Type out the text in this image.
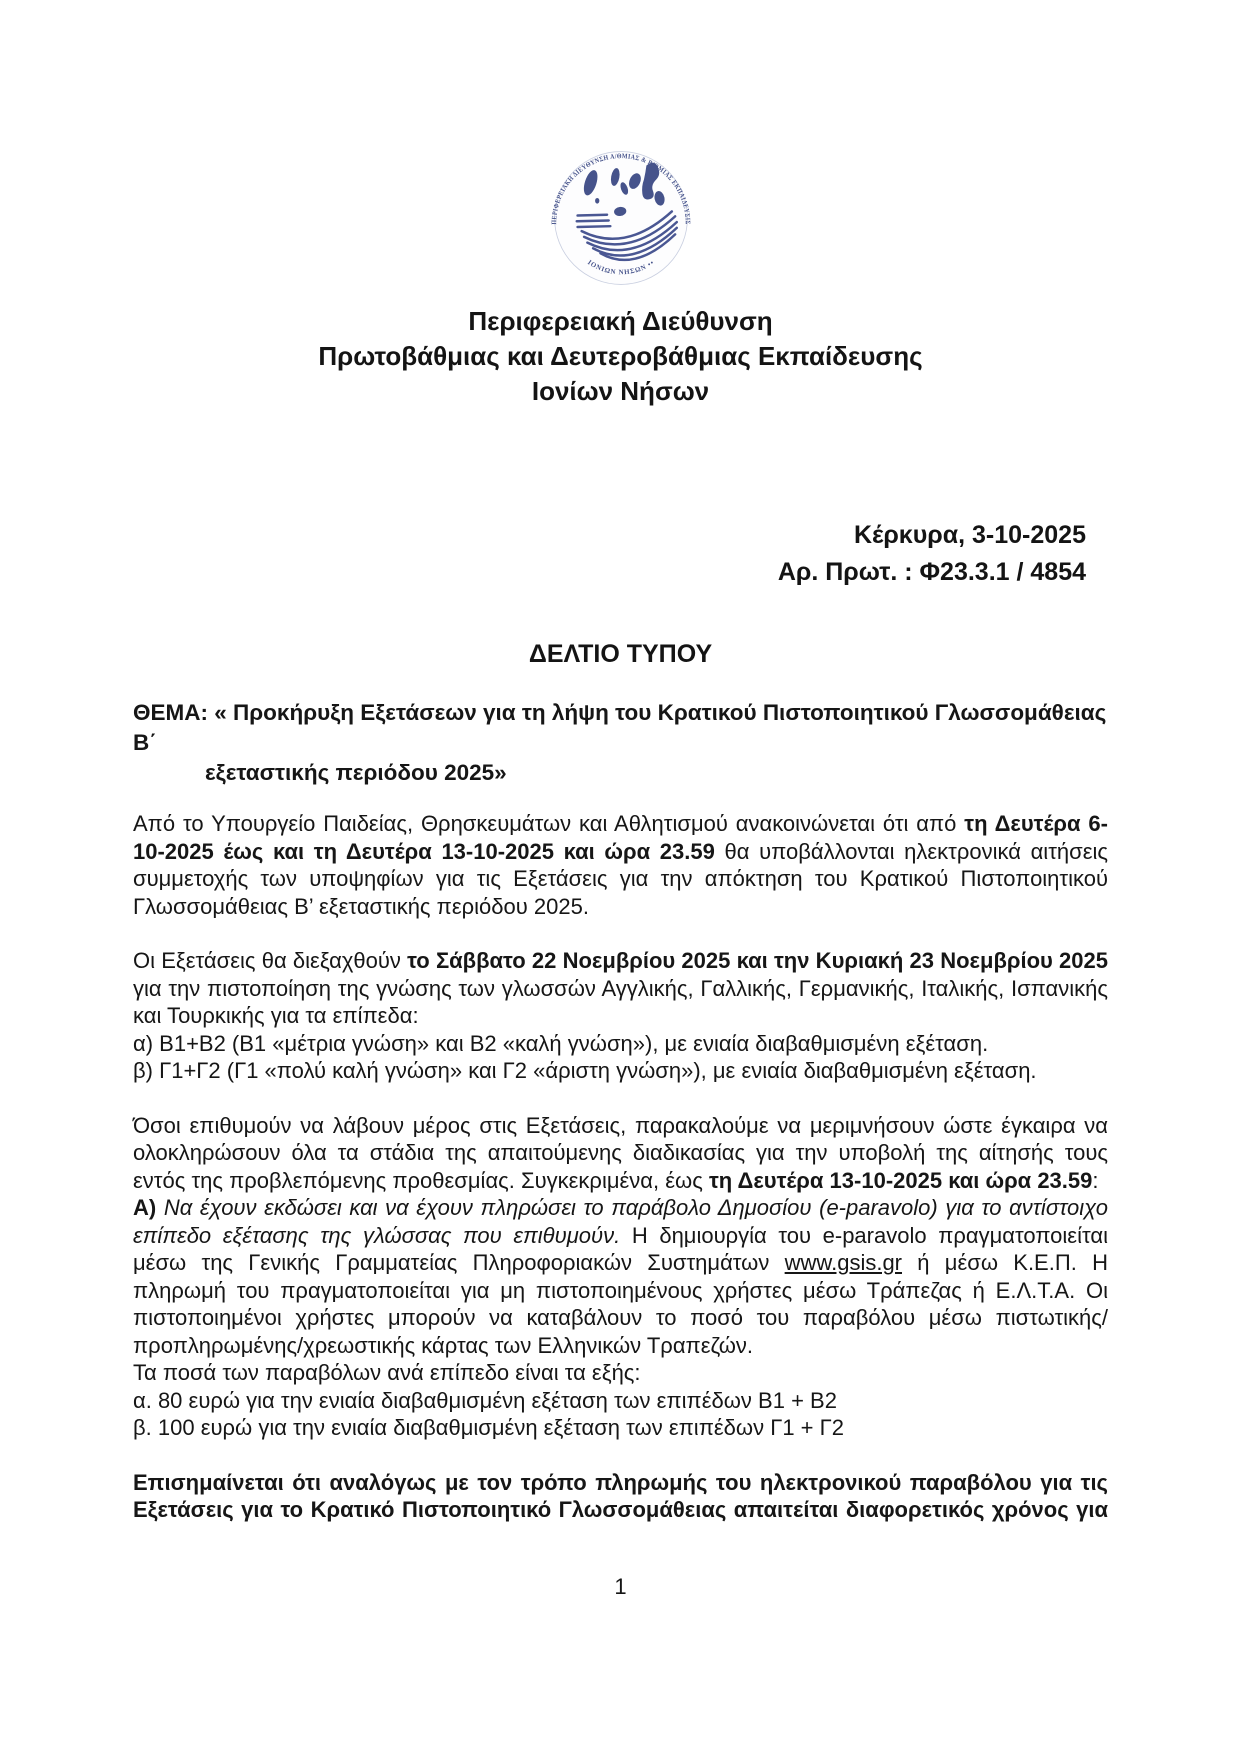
ΠΕΡΙΦΕΡΕΙΑΚΗ ΔΙΕΥΘΥΝΣΗ Α/ΘΜΙΑΣ & Β/ΘΜΙΑΣ ΕΚΠΑΙΔΕΥΣΙΣ
ΙΟΝΙΩΝ ΝΗΣΩΝ ••
Περιφερειακή Διεύθυνση
Πρωτοβάθμιας και Δευτεροβάθμιας Εκπαίδευσης
Ιονίων Νήσων
Κέρκυρα, 3-10-2025
Αρ. Πρωτ. : Φ23.3.1 / 4854
ΔΕΛΤΙΟ ΤΥΠΟΥ
ΘΕΜΑ: « Προκήρυξη Εξετάσεων για τη λήψη του Κρατικού Πιστοποιητικού Γλωσσομάθειας Β΄
εξεταστικής περιόδου 2025»

Από το Υπουργείο Παιδείας, Θρησκευμάτων και Αθλητισμού ανακοινώνεται ότι από τη Δευτέρα 6-10-2025 έως και τη Δευτέρα 13-10-2025 και ώρα 23.59 θα υποβάλλονται ηλεκτρονικά αιτήσεις συμμετοχής των υποψηφίων για τις Εξετάσεις για την απόκτηση του Κρατικού Πιστοποιητικού Γλωσσομάθειας Β’ εξεταστικής περιόδου 2025.

Οι Εξετάσεις θα διεξαχθούν το Σάββατο 22 Νοεμβρίου 2025 και την Κυριακή 23 Νοεμβρίου 2025 για την πιστοποίηση της γνώσης των γλωσσών Αγγλικής, Γαλλικής, Γερμανικής, Ιταλικής, Ισπανικής και Τουρκικής για τα επίπεδα:

α) Β1+Β2 (Β1 «μέτρια γνώση» και Β2 «καλή γνώση»), με ενιαία διαβαθμισμένη εξέταση.
β) Γ1+Γ2 (Γ1 «πολύ καλή γνώση» και Γ2 «άριστη γνώση»), με ενιαία διαβαθμισμένη εξέταση.

Όσοι επιθυμούν να λάβουν μέρος στις Εξετάσεις, παρακαλούμε να μεριμνήσουν ώστε έγκαιρα να ολοκληρώσουν όλα τα στάδια της απαιτούμενης διαδικασίας για την υποβολή της αίτησής τους εντός της προβλεπόμενης προθεσμίας. Συγκεκριμένα, έως τη Δευτέρα 13-10-2025 και ώρα 23.59:

Α) Να έχουν εκδώσει και να έχουν πληρώσει το παράβολο Δημοσίου (e-paravolo) για το αντίστοιχο επίπεδο εξέτασης της γλώσσας που επιθυμούν. Η δημιουργία του e-paravolo πραγματοποιείται μέσω της Γενικής Γραμματείας Πληροφοριακών Συστημάτων www.gsis.gr ή μέσω Κ.Ε.Π. Η πληρωμή του πραγματοποιείται για μη πιστοποιημένους χρήστες μέσω Τράπεζας ή Ε.Λ.Τ.Α. Οι πιστοποιημένοι χρήστες μπορούν να καταβάλουν το ποσό του παραβόλου μέσω πιστωτικής/προπληρωμένης/χρεωστικής κάρτας των Ελληνικών Τραπεζών.

Τα ποσά των παραβόλων ανά επίπεδο είναι τα εξής:
α. 80 ευρώ για την ενιαία διαβαθμισμένη εξέταση των επιπέδων Β1 + Β2
β. 100 ευρώ για την ενιαία διαβαθμισμένη εξέταση των επιπέδων Γ1 + Γ2

Επισημαίνεται ότι αναλόγως με τον τρόπο πληρωμής του ηλεκτρονικού παραβόλου για τις Εξετάσεις για το Κρατικό Πιστοποιητικό Γλωσσομάθειας απαιτείται διαφορετικός χρόνος για

1
